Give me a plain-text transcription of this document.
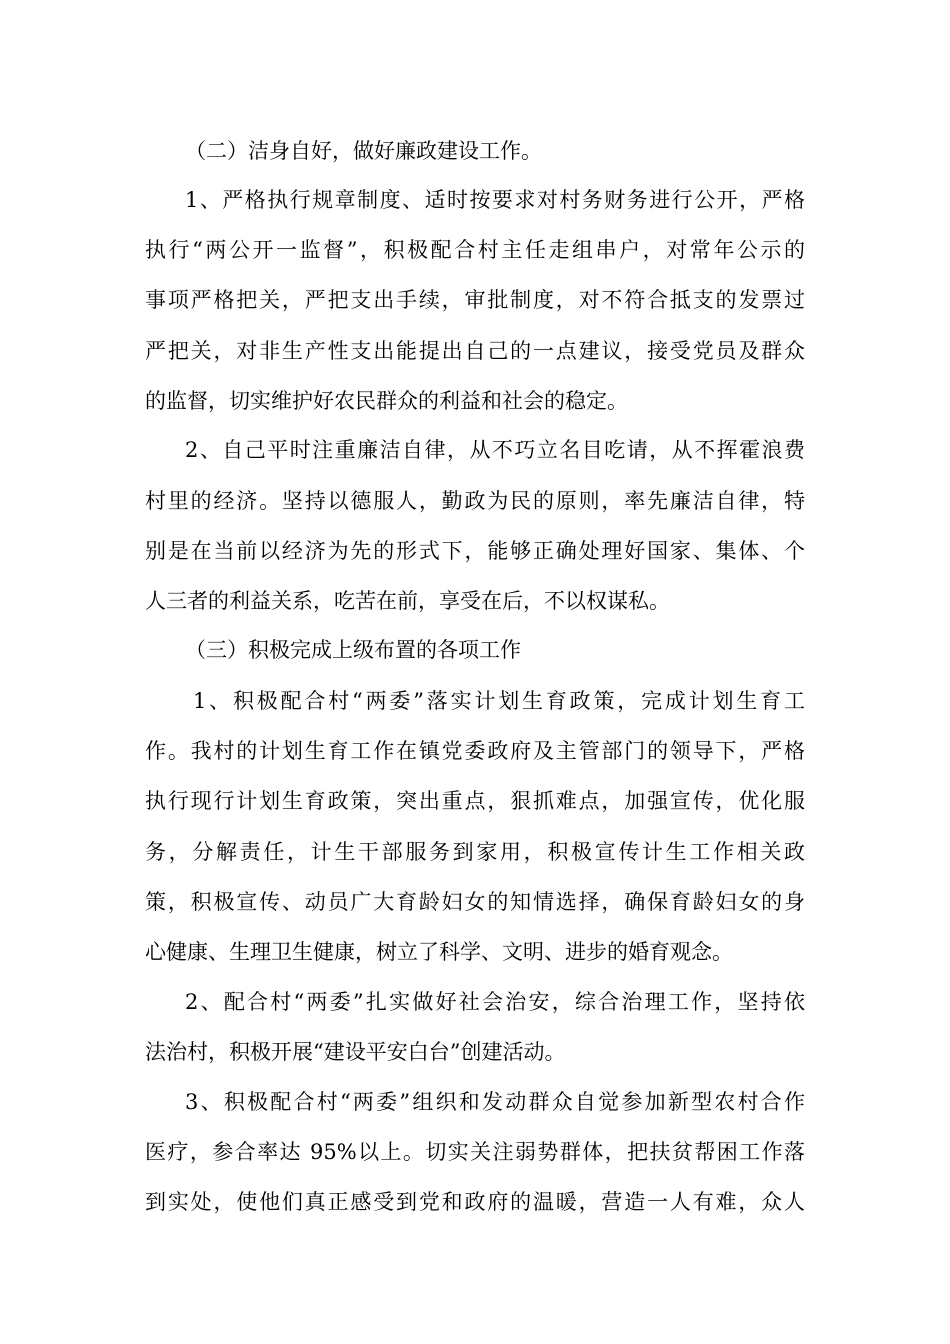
（二）洁身自好，做好廉政建设工作。

1、严格执行规章制度、适时按要求对村务财务进行公开，严格

执行“两公开一监督”，积极配合村主任走组串户，对常年公示的

事项严格把关，严把支出手续，审批制度，对不符合抵支的发票过

严把关，对非生产性支出能提出自己的一点建议，接受党员及群众

的监督，切实维护好农民群众的利益和社会的稳定。

2、自己平时注重廉洁自律，从不巧立名目吃请，从不挥霍浪费

村里的经济。坚持以德服人，勤政为民的原则，率先廉洁自律，特

别是在当前以经济为先的形式下，能够正确处理好国家、集体、个

人三者的利益关系，吃苦在前，享受在后，不以权谋私。

（三）积极完成上级布置的各项工作

1、积极配合村“两委”落实计划生育政策，完成计划生育工

作。我村的计划生育工作在镇党委政府及主管部门的领导下，严格

执行现行计划生育政策，突出重点，狠抓难点，加强宣传，优化服

务，分解责任，计生干部服务到家用，积极宣传计生工作相关政

策，积极宣传、动员广大育龄妇女的知情选择，确保育龄妇女的身

心健康、生理卫生健康，树立了科学、文明、进步的婚育观念。

2、配合村“两委”扎实做好社会治安，综合治理工作，坚持依

法治村，积极开展“建设平安白台”创建活动。

3、积极配合村“两委”组织和发动群众自觉参加新型农村合作

医疗，参合率达 95%以上。切实关注弱势群体，把扶贫帮困工作落

到实处，使他们真正感受到党和政府的温暖，营造一人有难，众人
